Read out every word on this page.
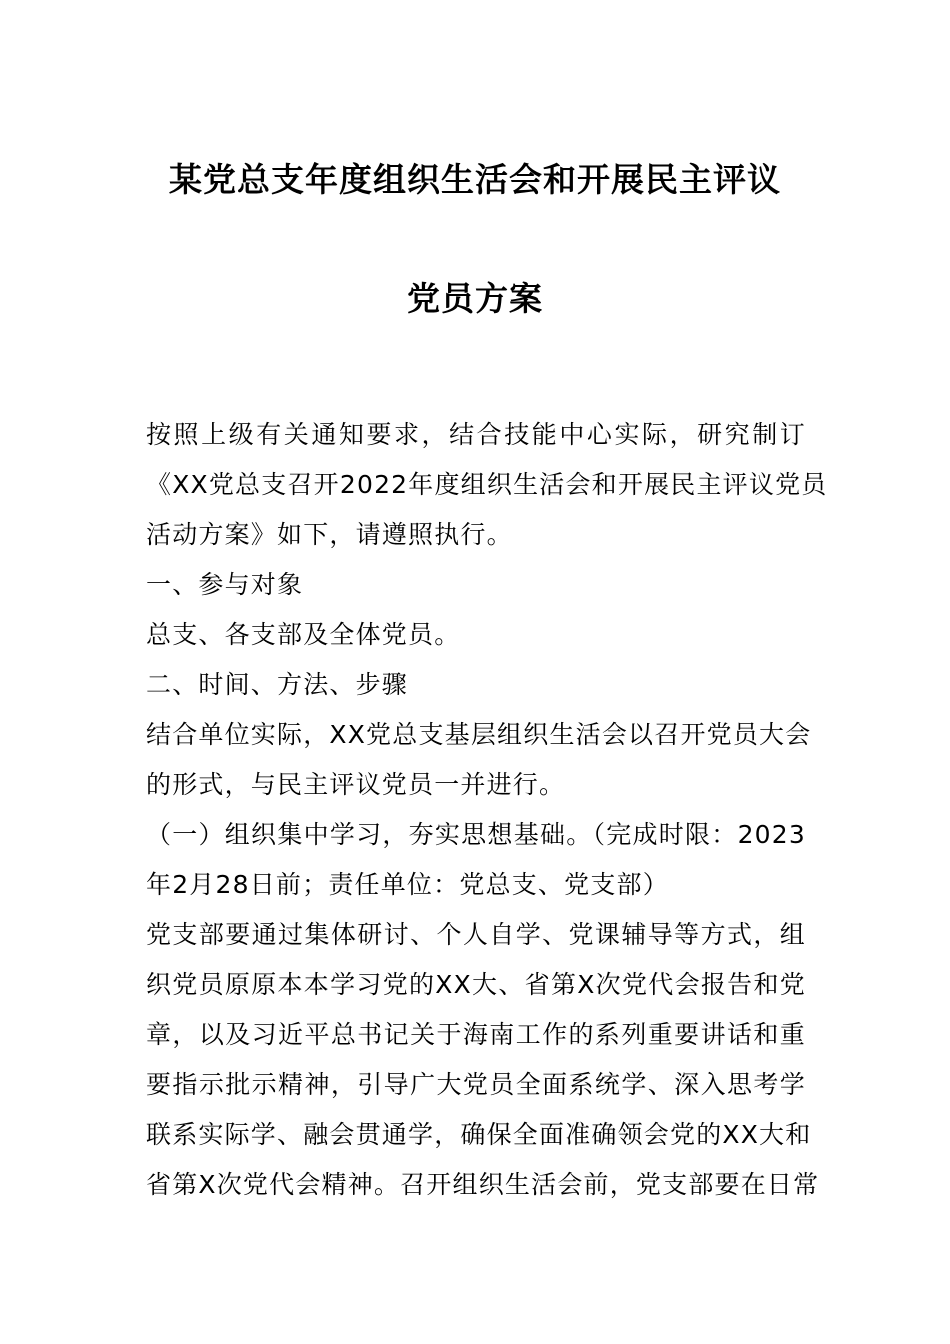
某党总支年度组织生活会和开展民主评议
党员方案
按照上级有关通知要求，结合技能中心实际，研究制订
《XX党总支召开2022年度组织生活会和开展民主评议党员
活动方案》如下，请遵照执行。
一、参与对象
总支、各支部及全体党员。
二、时间、方法、步骤
结合单位实际，XX党总支基层组织生活会以召开党员大会
的形式，与民主评议党员一并进行。
（一）组织集中学习，夯实思想基础。（完成时限：2023
年2月28日前；责任单位：党总支、党支部）
党支部要通过集体研讨、个人自学、党课辅导等方式，组
织党员原原本本学习党的XX大、省第X次党代会报告和党
章，以及习近平总书记关于海南工作的系列重要讲话和重
要指示批示精神，引导广大党员全面系统学、深入思考学
联系实际学、融会贯通学，确保全面准确领会党的XX大和
省第X次党代会精神。召开组织生活会前，党支部要在日常
